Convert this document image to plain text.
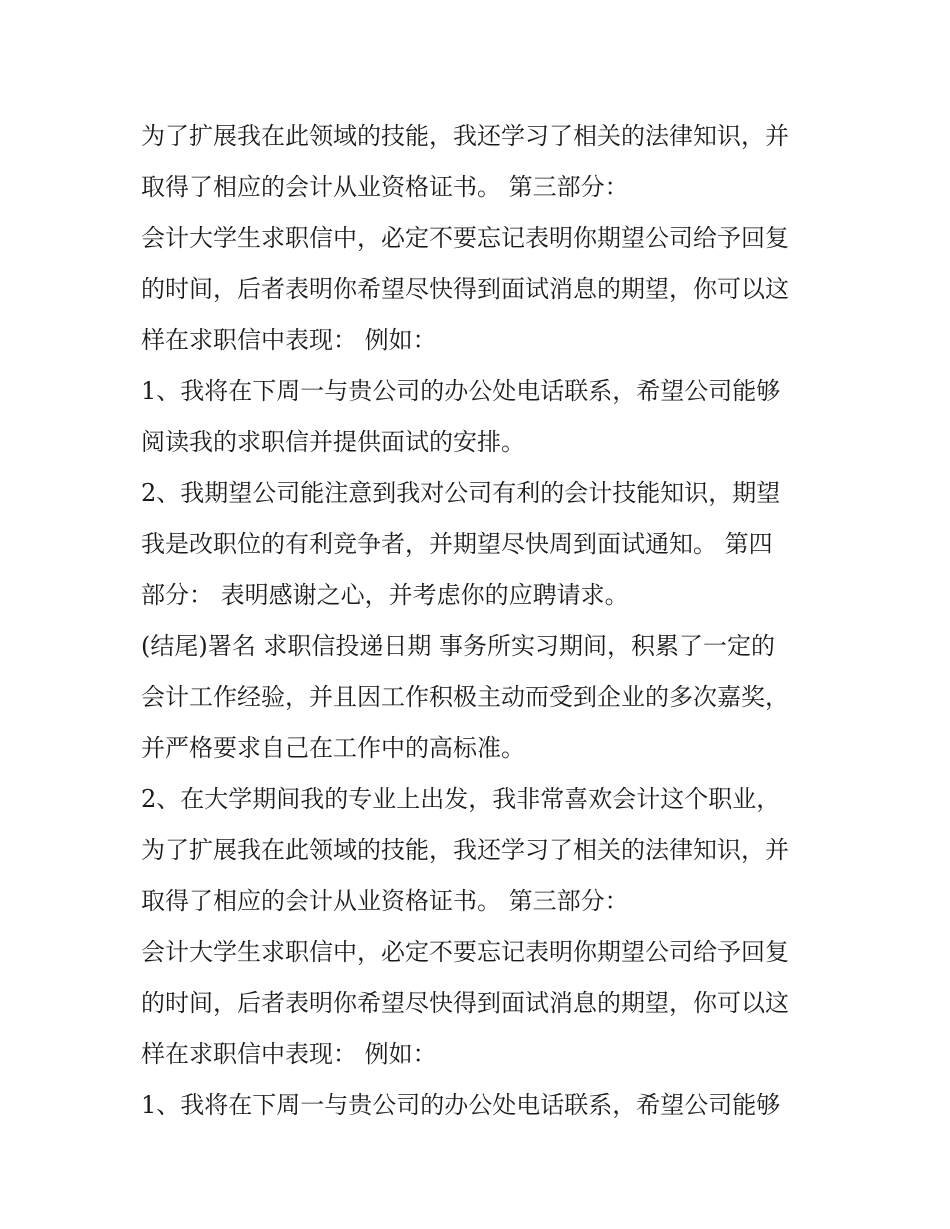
为了扩展我在此领域的技能，我还学习了相关的法律知识，并
取得了相应的会计从业资格证书。 第三部分：
会计大学生求职信中，必定不要忘记表明你期望公司给予回复
的时间，后者表明你希望尽快得到面试消息的期望，你可以这
样在求职信中表现： 例如：
1、我将在下周一与贵公司的办公处电话联系，希望公司能够
阅读我的求职信并提供面试的安排。
2、我期望公司能注意到我对公司有利的会计技能知识，期望
我是改职位的有利竞争者，并期望尽快周到面试通知。 第四
部分： 表明感谢之心，并考虑你的应聘请求。
(结尾)署名 求职信投递日期 事务所实习期间，积累了一定的
会计工作经验，并且因工作积极主动而受到企业的多次嘉奖，
并严格要求自己在工作中的高标准。
2、在大学期间我的专业上出发，我非常喜欢会计这个职业，
为了扩展我在此领域的技能，我还学习了相关的法律知识，并
取得了相应的会计从业资格证书。 第三部分：
会计大学生求职信中，必定不要忘记表明你期望公司给予回复
的时间，后者表明你希望尽快得到面试消息的期望，你可以这
样在求职信中表现： 例如：
1、我将在下周一与贵公司的办公处电话联系，希望公司能够
